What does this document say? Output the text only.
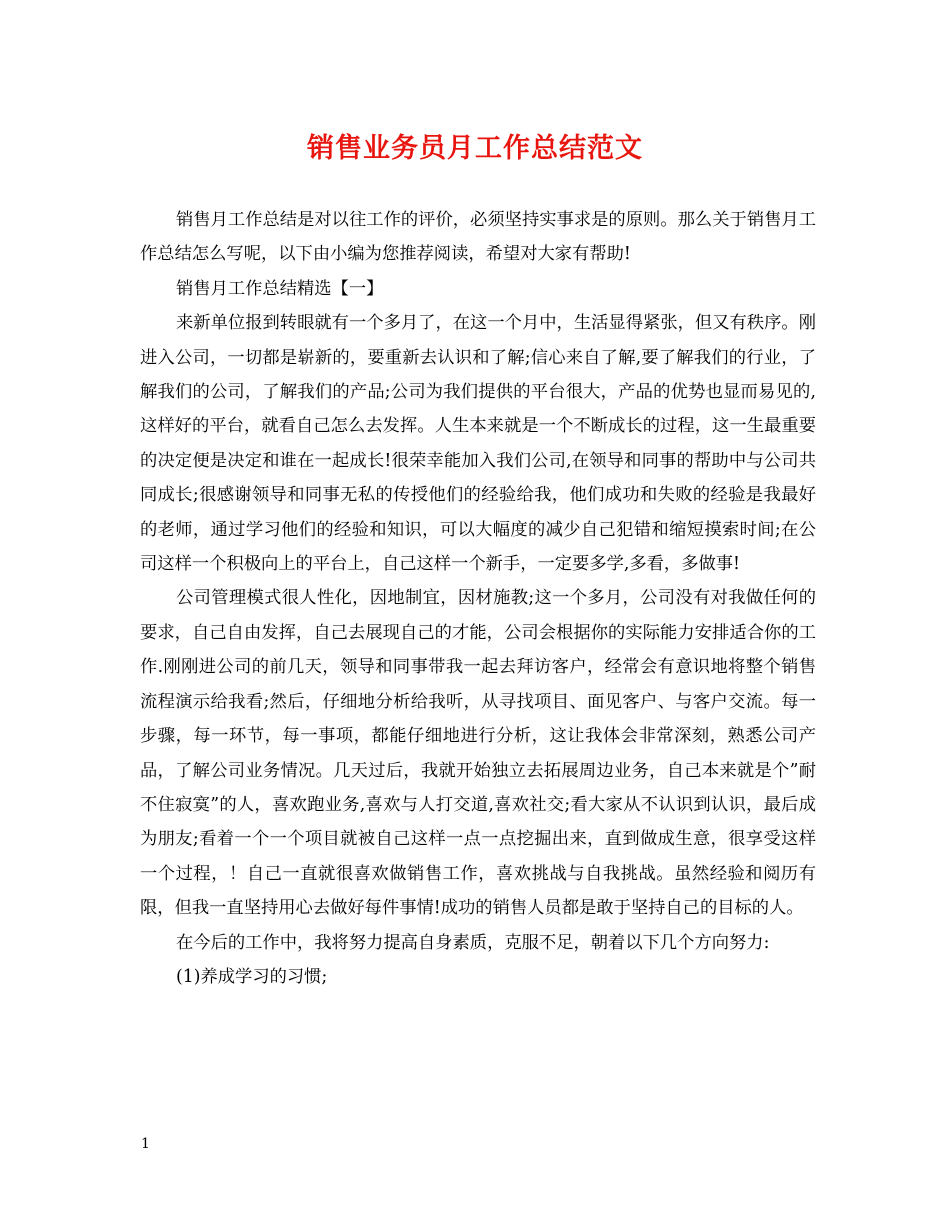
销售业务员月工作总结范文

销售月工作总结是对以往工作的评价，必须坚持实事求是的原则。那么关于销售月工作总结怎么写呢，以下由小编为您推荐阅读，希望对大家有帮助!

销售月工作总结精选【一】

来新单位报到转眼就有一个多月了，在这一个月中，生活显得紧张，但又有秩序。刚进入公司，一切都是崭新的，要重新去认识和了解;信心来自了解,要了解我们的行业，了解我们的公司，了解我们的产品;公司为我们提供的平台很大，产品的优势也显而易见的,这样好的平台，就看自己怎么去发挥。人生本来就是一个不断成长的过程，这一生最重要的决定便是决定和谁在一起成长!很荣幸能加入我们公司,在领导和同事的帮助中与公司共同成长;很感谢领导和同事无私的传授他们的经验给我，他们成功和失败的经验是我最好的老师，通过学习他们的经验和知识，可以大幅度的减少自己犯错和缩短摸索时间;在公司这样一个积极向上的平台上，自己这样一个新手，一定要多学,多看，多做事!

公司管理模式很人性化，因地制宜，因材施教;这一个多月，公司没有对我做任何的要求，自己自由发挥，自己去展现自己的才能，公司会根据你的实际能力安排适合你的工作.刚刚进公司的前几天，领导和同事带我一起去拜访客户，经常会有意识地将整个销售流程演示给我看;然后，仔细地分析给我听，从寻找项目、面见客户、与客户交流。每一步骤，每一环节，每一事项，都能仔细地进行分析，这让我体会非常深刻，熟悉公司产品，了解公司业务情况。几天过后，我就开始独立去拓展周边业务，自己本来就是个”耐不住寂寞”的人，喜欢跑业务,喜欢与人打交道,喜欢社交;看大家从不认识到认识，最后成为朋友;看着一个一个项目就被自己这样一点一点挖掘出来，直到做成生意，很享受这样一个过程，！自己一直就很喜欢做销售工作，喜欢挑战与自我挑战。虽然经验和阅历有限，但我一直坚持用心去做好每件事情!成功的销售人员都是敢于坚持自己的目标的人。

在今后的工作中，我将努力提高自身素质，克服不足，朝着以下几个方向努力:

(1)养成学习的习惯;

1
